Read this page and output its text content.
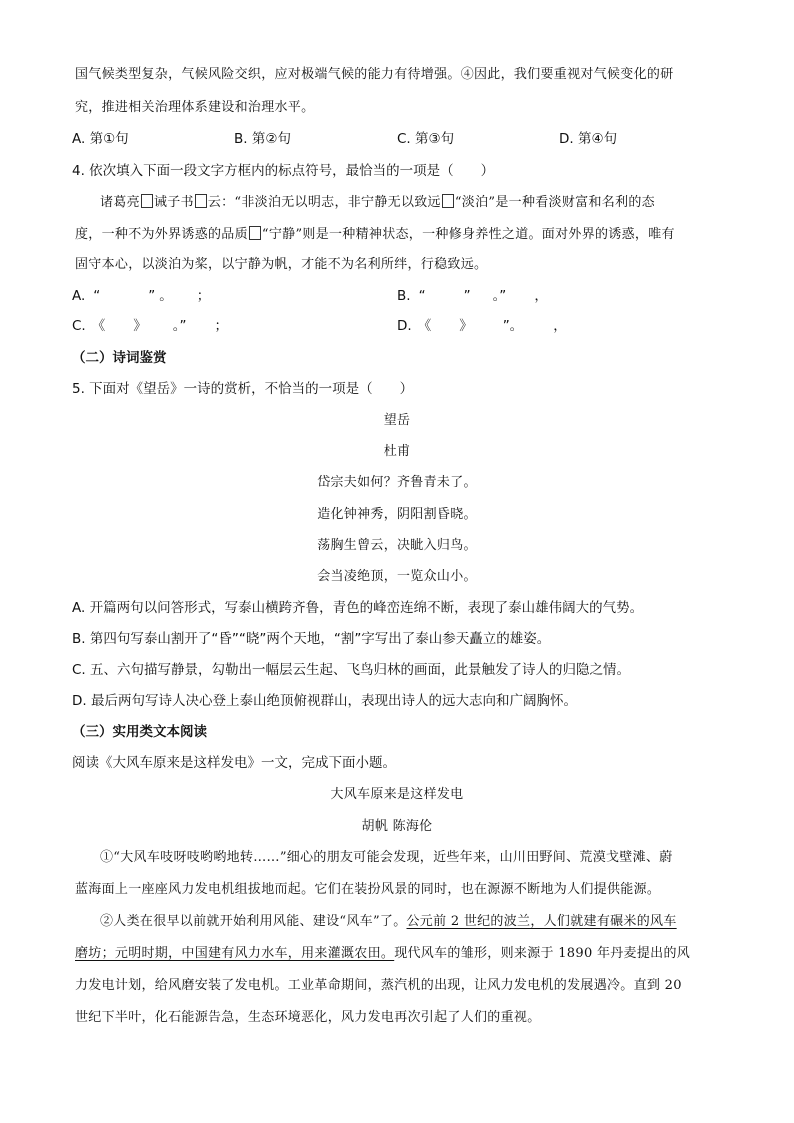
国气候类型复杂，气候风险交织，应对极端气候的能力有待增强。④因此，我们要重视对气候变化的研
究，推进相关治理体系建设和治理水平。
A. 第①句	B. 第②句	C. 第③句	D. 第④句
4. 依次填入下面一段文字方框内的标点符号，最恰当的一项是（　　）
诸葛亮 诫子书 云：“非淡泊无以明志，非宁静无以致远 “淡泊”是一种看淡财富和名利的态
度，一种不为外界诱惑的品质 “宁静”则是一种精神状态，一种修身养性之道。面对外界的诱惑，唯有
固守本心，以淡泊为桨，以宁静为帆，才能不为名利所绊，行稳致远。
A. “	” 。 ；	B. “	” 。” ，
C. 《 》 。” ；	D. 《 》 ”。 ，
（二）诗词鉴赏
5. 下面对《望岳》一诗的赏析，不恰当的一项是（　　）
望岳
杜甫
岱宗夫如何？齐鲁青未了。
造化钟神秀，阴阳割昏晓。
荡胸生曾云，决眦入归鸟。
会当凌绝顶，一览众山小。
A. 开篇两句以问答形式，写泰山横跨齐鲁，青色的峰峦连绵不断，表现了泰山雄伟阔大的气势。
B. 第四句写泰山割开了“昏”“晓”两个天地，“割”字写出了泰山参天矗立的雄姿。
C. 五、六句描写静景，勾勒出一幅层云生起、飞鸟归林的画面，此景触发了诗人的归隐之情。
D. 最后两句写诗人决心登上泰山绝顶俯视群山，表现出诗人的远大志向和广阔胸怀。
（三）实用类文本阅读
阅读《大风车原来是这样发电》一文，完成下面小题。
大风车原来是这样发电
胡帆 陈海伦
①“大风车吱呀吱哟哟地转……”细心的朋友可能会发现，近些年来，山川田野间、荒漠戈壁滩、蔚
蓝海面上一座座风力发电机组拔地而起。它们在装扮风景的同时，也在源源不断地为人们提供能源。
②人类在很早以前就开始利用风能、建设“风车”了。公元前 2 世纪的波兰，人们就建有碾米的风车
磨坊；元明时期，中国建有风力水车，用来灌溉农田。现代风车的雏形，则来源于 1890 年丹麦提出的风
力发电计划，给风磨安装了发电机。工业革命期间，蒸汽机的出现，让风力发电机的发展遇冷。直到 20
世纪下半叶，化石能源告急，生态环境恶化，风力发电再次引起了人们的重视。
